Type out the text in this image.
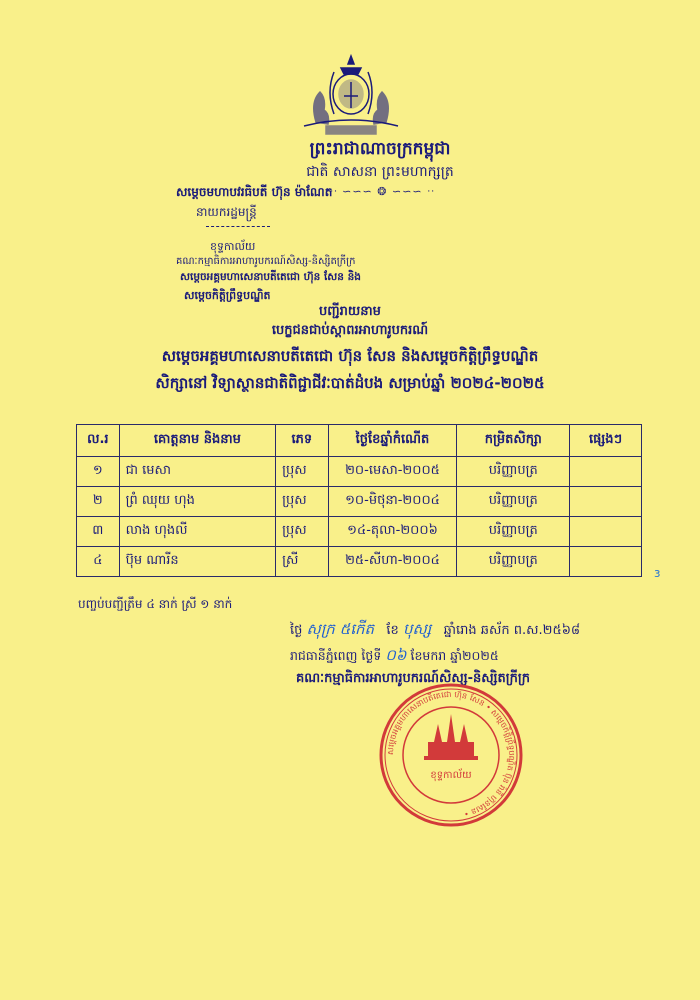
ព្រះរាជាណាចក្រកម្ពុជា
ជាតិ សាសនា ព្រះមហាក្សត្រ
ᐧᐧ ∽∽∽ ❂ ∽∽∽ ᐧᐧ
សម្ដេចមហាបវរធិបតី ហ៊ុន ម៉ាណែត
នាយករដ្ឋមន្ត្រី
ខុទ្ទកាល័យ
គណៈកម្មាធិការអាហារូបករណ៍សិស្ស-និស្សិតក្រីក្រ
សម្ដេចអគ្គមហាសេនាបតីតេជោ ហ៊ុន សែន និង
សម្ដេចកិត្តិព្រឹទ្ធបណ្ឌិត
បញ្ជីរាយនាម
បេក្ខជនជាប់ស្ដាពរអាហារូបករណ៍
សម្ដេចអគ្គមហាសេនាបតីតេជោ ហ៊ុន សែន និងសម្ដេចកិត្តិព្រឹទ្ធបណ្ឌិត
សិក្សានៅ វិទ្យាស្ថានជាតិពិជ្ជាជីវៈបាត់ដំបង សម្រាប់ឆ្នាំ ២០២៤-២០២៥
ល.រ	គោត្តនាម និងនាម	ភេទ	ថ្ងៃខែឆ្នាំកំណើត	កម្រិតសិក្សា	ផ្សេងៗ
១	ជា មេសា	ប្រុស	២០-មេសា-២០០៥	បរិញ្ញាបត្រ	
២	ព្រំ ឈុយ ហុង	ប្រុស	១០-មិថុនា-២០០៤	បរិញ្ញាបត្រ	
៣	លាង ហុងលី	ប្រុស	១៤-តុលា-២០០៦	បរិញ្ញាបត្រ	
៤	ប៊ុម ណារីន	ស្រី	២៥-សីហា-២០០៤	បរិញ្ញាបត្រ	
ɜ
បញ្ចប់បញ្ជីត្រឹម ៤ នាក់ ស្រី ១ នាក់
ថ្ងៃ សុក្រ ៥កើត ខែ បុស្ស ឆ្នាំរោង ឆស័ក ព.ស.២៥៦៨
រាជធានីភ្នំពេញ ថ្ងៃទី ០៦ ខែមករា ឆ្នាំ២០២៥
គណៈកម្មាធិការអាហារូបករណ៍សិស្ស-និស្សិតក្រីក្រ
សម្ដេចអគ្គមហាសេនាបតីតេជោ ហ៊ុន សែន • សម្ដេចកិត្តិព្រឹទ្ធបណ្ឌិត ប៊ុន រ៉ានី ហ៊ុនសែន •
ខុទ្ទកាល័យ
